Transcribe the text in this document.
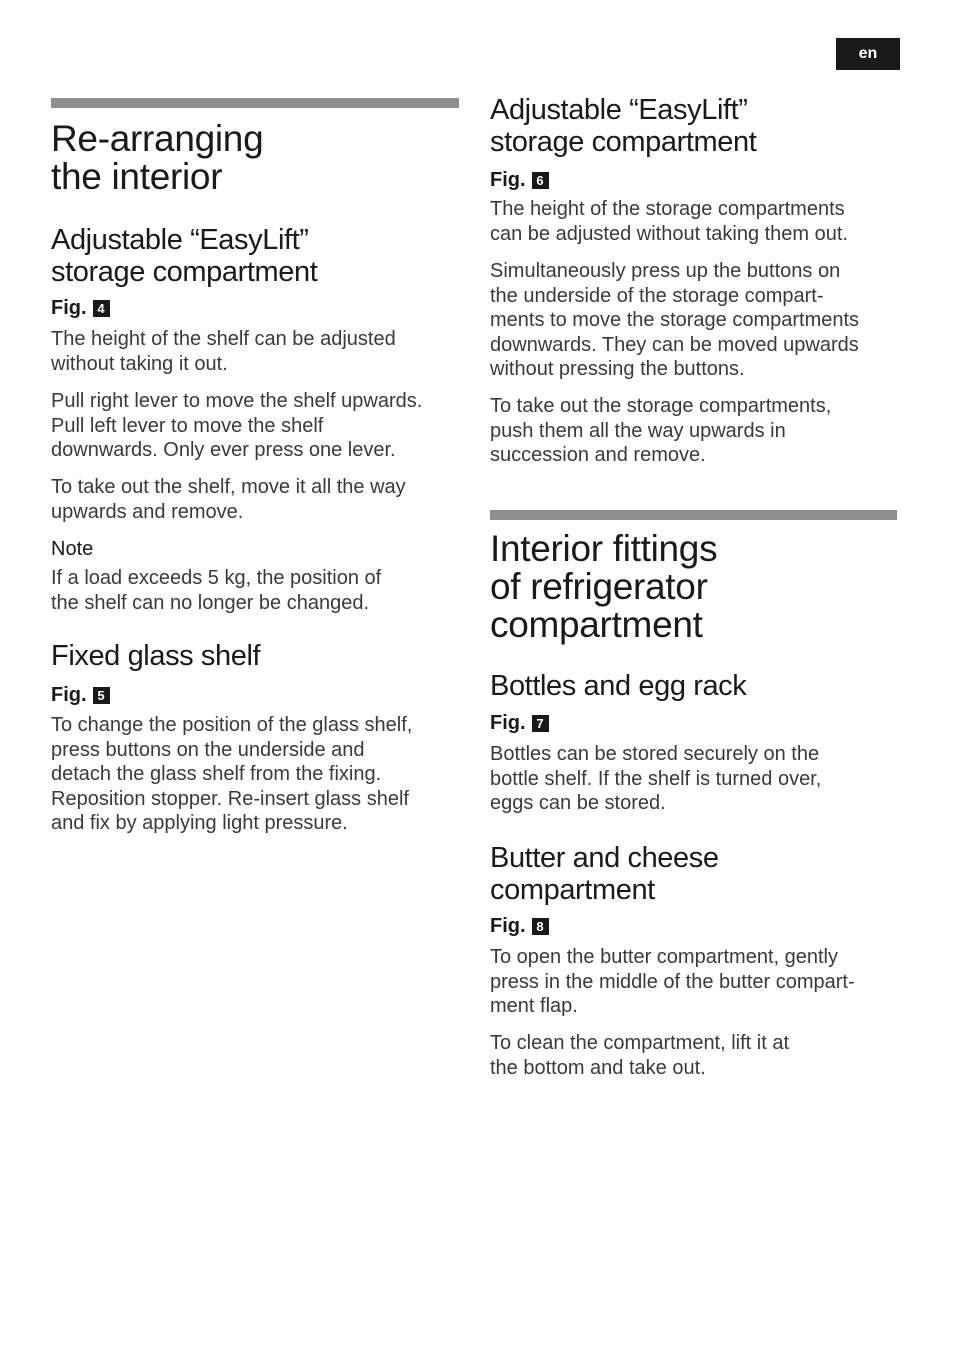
en
Re-arranging
the interior
Adjustable “EasyLift”
storage compartment
Fig. 4

The height of the shelf can be adjusted
without taking it out.

Pull right lever to move the shelf upwards.
Pull left lever to move the shelf
downwards. Only ever press one lever.

To take out the shelf, move it all the way
upwards and remove.

Note

If a load exceeds 5 kg, the position of
the shelf can no longer be changed.

Fixed glass shelf
Fig. 5

To change the position of the glass shelf,
press buttons on the underside and
detach the glass shelf from the fixing.
Reposition stopper. Re-insert glass shelf
and fix by applying light pressure.

Adjustable “EasyLift”
storage compartment
Fig. 6

The height of the storage compartments
can be adjusted without taking them out.

Simultaneously press up the buttons on
the underside of the storage compart-
ments to move the storage compartments
downwards. They can be moved upwards
without pressing the buttons.

To take out the storage compartments,
push them all the way upwards in
succession and remove.

Interior fittings
of refrigerator
compartment
Bottles and egg rack
Fig. 7

Bottles can be stored securely on the
bottle shelf. If the shelf is turned over,
eggs can be stored.

Butter and cheese
compartment
Fig. 8

To open the butter compartment, gently
press in the middle of the butter compart-
ment flap.

To clean the compartment, lift it at
the bottom and take out.
